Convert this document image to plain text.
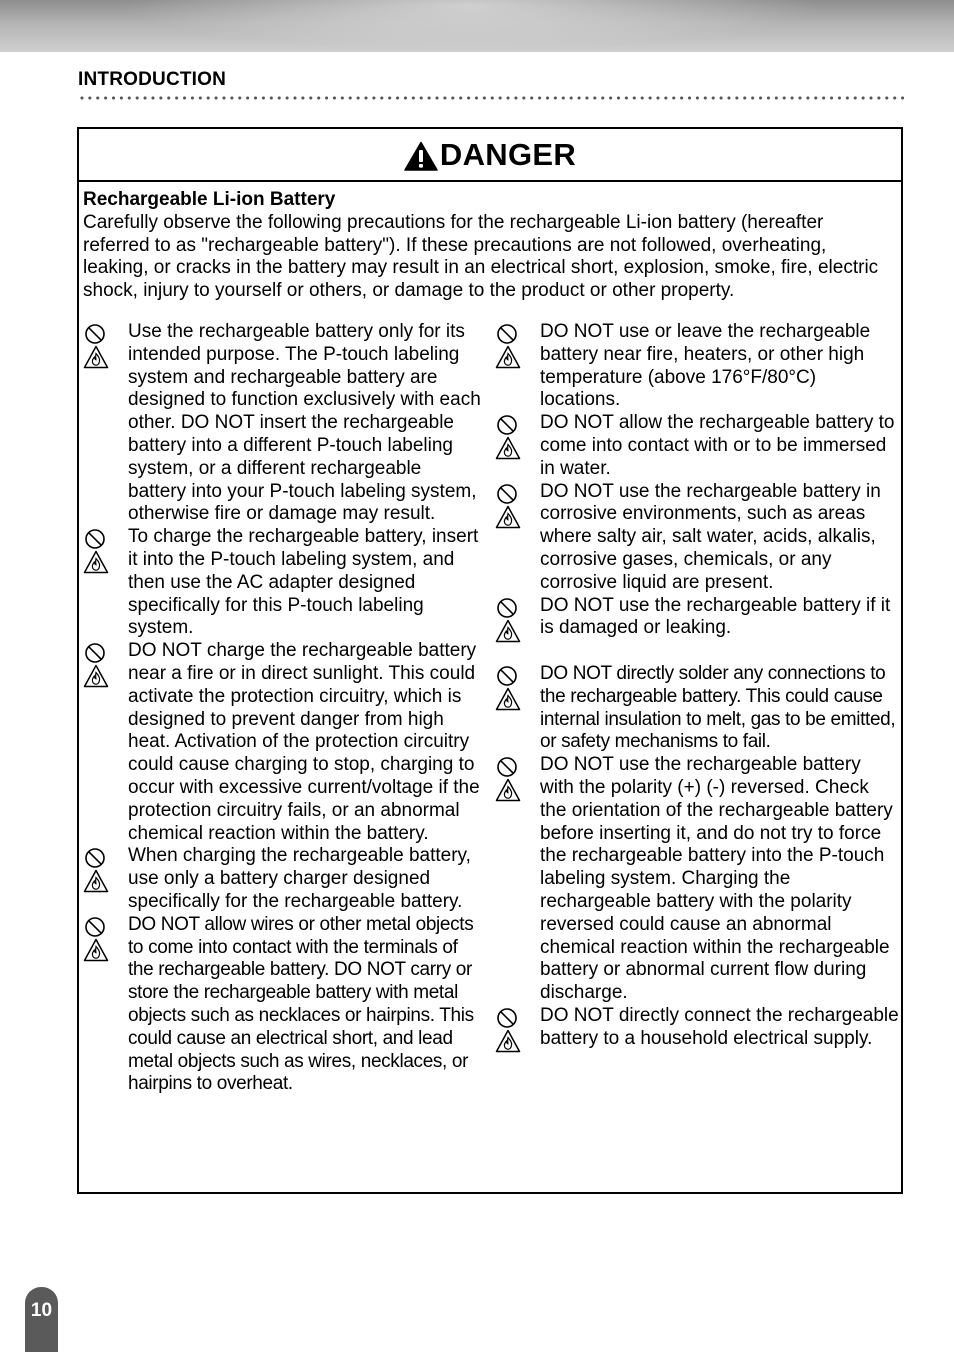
INTRODUCTION
DANGER
Rechargeable Li-ion Battery
Carefully observe the following precautions for the rechargeable Li-ion battery (hereafter referred to as "rechargeable battery"). If these precautions are not followed, overheating, leaking, or cracks in the battery may result in an electrical short, explosion, smoke, fire, electric shock, injury to yourself or others, or damage to the product or other property.
Use the rechargeable battery only for its intended purpose. The P-touch labeling system and rechargeable battery are designed to function exclusively with each other. DO NOT insert the rechargeable battery into a different P-touch labeling system, or a different rechargeable battery into your P-touch labeling system, otherwise fire or damage may result.
To charge the rechargeable battery, insert it into the P-touch labeling system, and then use the AC adapter designed specifically for this P-touch labeling system.
DO NOT charge the rechargeable battery near a fire or in direct sunlight. This could activate the protection circuitry, which is designed to prevent danger from high heat. Activation of the protection circuitry could cause charging to stop, charging to occur with excessive current/voltage if the protection circuitry fails, or an abnormal chemical reaction within the battery.
When charging the rechargeable battery, use only a battery charger designed specifically for the rechargeable battery.
DO NOT allow wires or other metal objects to come into contact with the terminals of the rechargeable battery. DO NOT carry or store the rechargeable battery with metal objects such as necklaces or hairpins. This could cause an electrical short, and lead metal objects such as wires, necklaces, or hairpins to overheat.
DO NOT use or leave the rechargeable battery near fire, heaters, or other high temperature (above 176°F/80°C) locations.
DO NOT allow the rechargeable battery to come into contact with or to be immersed in water.
DO NOT use the rechargeable battery in corrosive environments, such as areas where salty air, salt water, acids, alkalis, corrosive gases, chemicals, or any corrosive liquid are present.
DO NOT use the rechargeable battery if it is damaged or leaking.
DO NOT directly solder any connections to the rechargeable battery. This could cause internal insulation to melt, gas to be emitted, or safety mechanisms to fail.
DO NOT use the rechargeable battery with the polarity (+) (-) reversed. Check the orientation of the rechargeable battery before inserting it, and do not try to force the rechargeable battery into the P-touch labeling system. Charging the rechargeable battery with the polarity reversed could cause an abnormal chemical reaction within the rechargeable battery or abnormal current flow during discharge.
DO NOT directly connect the rechargeable battery to a household electrical supply.
10
